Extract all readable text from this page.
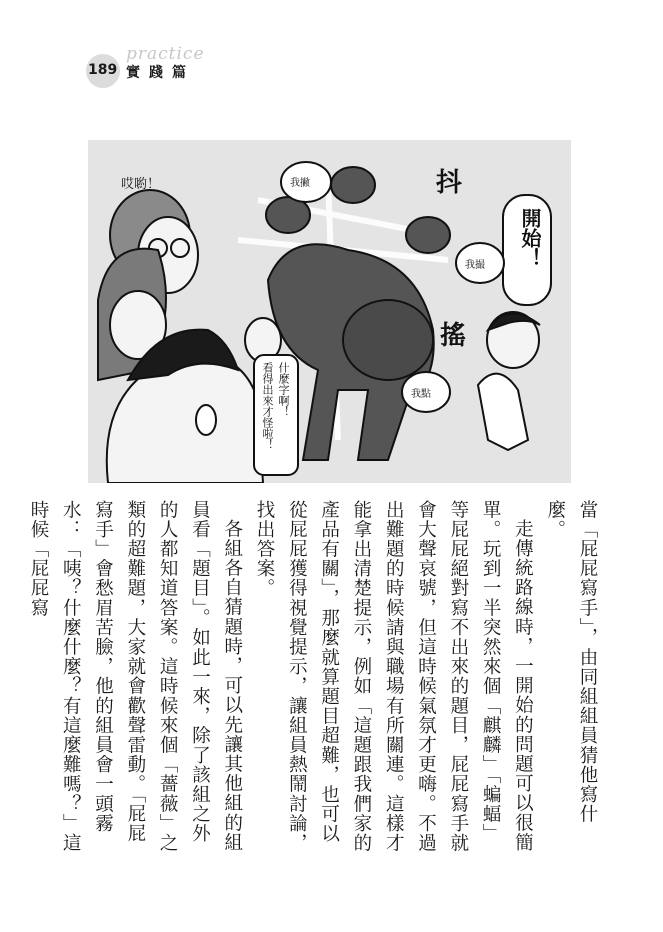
189
practice
實踐篇
哎喲！
開始！
抖
搖
我撇
我撮
我點
什麼字啊！
看得出來才怪啦！

當「屁屁寫手」，由同組組員猜他寫什麼。

走傳統路線時，一開始的問題可以很簡單。玩到一半突然來個「麒麟」「蝙蝠」等屁屁絕對寫不出來的題目，屁屁寫手就會大聲哀號，但這時候氣氛才更嗨。不過出難題的時候請與職場有所關連。這樣才能拿出清楚提示，例如「這題跟我們家的產品有關」，那麼就算題目超難，也可以從屁屁獲得視覺提示，讓組員熱鬧討論，找出答案。

各組各自猜題時，可以先讓其他組的組員看「題目」。如此一來，除了該組之外的人都知道答案。這時候來個「薔薇」之類的超難題，大家就會歡聲雷動。「屁屁寫手」會愁眉苦臉，他的組員會一頭霧水：「咦？什麼什麼？有這麼難嗎？」這時候「屁屁寫
